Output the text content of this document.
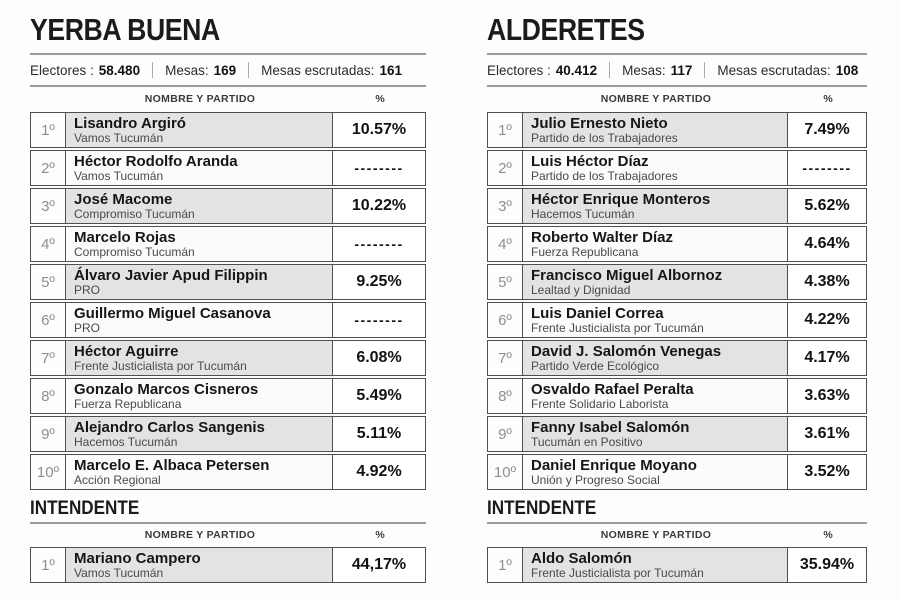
YERBA BUENA
Electores : 58.480 Mesas: 169 Mesas escrutadas: 161
NOMBRE Y PARTIDO	%
1º	Lisandro Argiró
Vamos Tucumán	10.57%
2º	Héctor Rodolfo Aranda
Vamos Tucumán	--------
3º	José Macome
Compromiso Tucumán	10.22%
4º	Marcelo Rojas
Compromiso Tucumán	--------
5º	Álvaro Javier Apud Filippin
PRO	9.25%
6º	Guillermo Miguel Casanova
PRO	--------
7º	Héctor Aguirre
Frente Justicialista por Tucumán	6.08%
8º	Gonzalo Marcos Cisneros
Fuerza Republicana	5.49%
9º	Alejandro Carlos Sangenis
Hacemos Tucumán	5.11%
10º Marcelo E. Albaca Petersen
Acción Regional	4.92%
INTENDENTE
NOMBRE Y PARTIDO	%
1º	Mariano Campero
Vamos Tucumán	44,17%
ALDERETES
Electores : 40.412 Mesas: 117 Mesas escrutadas: 108
NOMBRE Y PARTIDO	%
1º	Julio Ernesto Nieto
Partido de los Trabajadores	7.49%
2º	Luis Héctor Díaz
Partido de los Trabajadores	--------
3º	Héctor Enrique Monteros
Hacemos Tucumán	5.62%
4º	Roberto Walter Díaz
Fuerza Republicana	4.64%
5º	Francisco Miguel Albornoz
Lealtad y Dignidad	4.38%
6º	Luis Daniel Correa
Frente Justicialista por Tucumán	4.22%
7º	David J. Salomón Venegas
Partido Verde Ecológico	4.17%
8º	Osvaldo Rafael Peralta
Frente Solidario Laborista	3.63%
9º	Fanny Isabel Salomón
Tucumán en Positivo	3.61%
10º Daniel Enrique Moyano
Unión y Progreso Social	3.52%
INTENDENTE
NOMBRE Y PARTIDO	%
1º	Aldo Salomón
Frente Justicialista por Tucumán	35.94%
